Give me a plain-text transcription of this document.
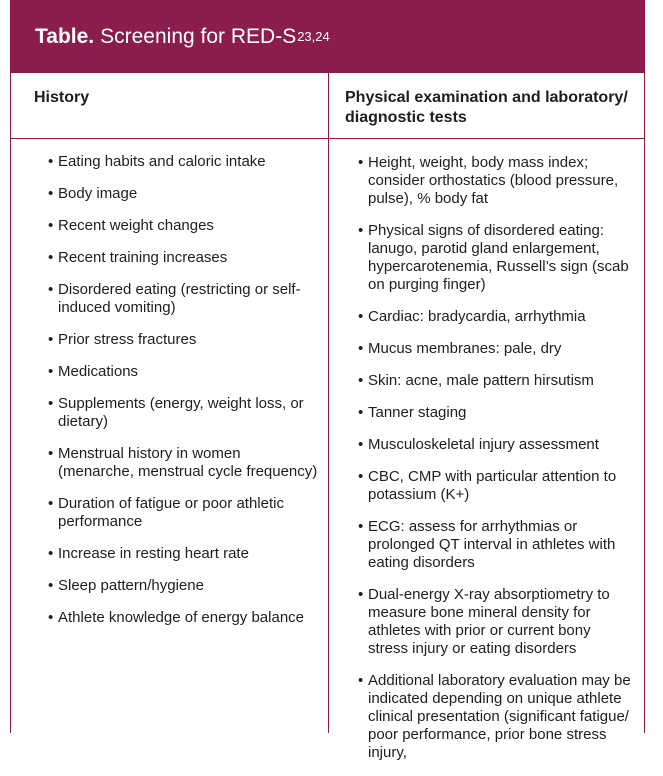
Table. Screening for RED-S 23,24
History	Physical examination and laboratory/ diagnostic tests
• Eating habits and caloric intake
• Body image
• Recent weight changes
• Recent training increases
• Disordered eating (restricting or self-induced vomiting)
• Prior stress fractures
• Medications
• Supplements (energy, weight loss, or dietary)
• Menstrual history in women (menarche, menstrual cycle frequency)
• Duration of fatigue or poor athletic performance
• Increase in resting heart rate
• Sleep pattern/hygiene
• Athlete knowledge of energy balance
• Height, weight, body mass index; consider orthostatics (blood pressure, pulse), % body fat
• Physical signs of disordered eating: lanugo, parotid gland enlargement, hypercarotenemia, Russell’s sign (scab on purging finger)
• Cardiac: bradycardia, arrhythmia
• Mucus membranes: pale, dry
• Skin: acne, male pattern hirsutism
• Tanner staging
• Musculoskeletal injury assessment
• CBC, CMP with particular attention to potassium (K+)
• ECG: assess for arrhythmias or prolonged QT interval in athletes with eating disorders
• Dual-energy X-ray absorptiometry to measure bone mineral density for athletes with prior or current bony stress injury or eating disorders
• Additional laboratory evaluation may be indicated depending on unique athlete clinical presentation (significant fatigue/ poor performance, prior bone stress injury,
